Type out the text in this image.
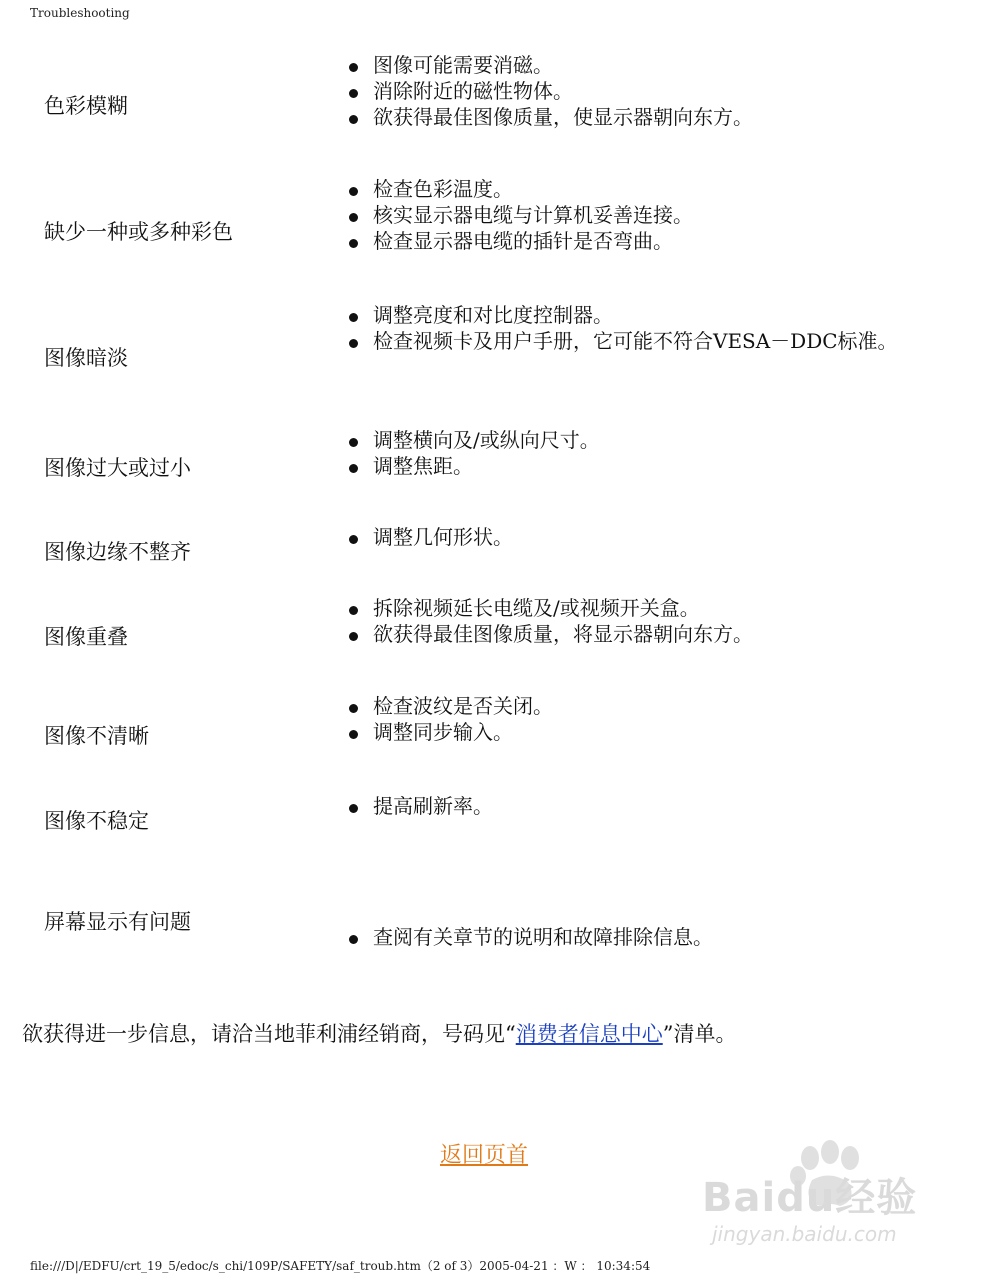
Troubleshooting
色彩模糊
图像可能需要消磁。
消除附近的磁性物体。
欲获得最佳图像质量，使显示器朝向东方。
缺少一种或多种彩色
检查色彩温度。
核实显示器电缆与计算机妥善连接。
检查显示器电缆的插针是否弯曲。
图像暗淡
调整亮度和对比度控制器。
检查视频卡及用户手册，它可能不符合VESA－DDC标准。
图像过大或过小
调整横向及/或纵向尺寸。
调整焦距。
图像边缘不整齐
调整几何形状。
图像重叠
拆除视频延长电缆及/或视频开关盒。
欲获得最佳图像质量，将显示器朝向东方。
图像不清晰
检查波纹是否关闭。
调整同步输入。
图像不稳定
提高刷新率。
屏幕显示有问题
查阅有关章节的说明和故障排除信息。
欲获得进一步信息，请洽当地菲利浦经销商，号码见“消费者信息中心”清单。
返回页首
Baidu经验
jingyan.baidu.com
file:///D|/EDFU/crt_19_5/edoc/s_chi/109P/SAFETY/saf_troub.htm（2 of 3）2005-04-21 ：W ： 10:34:54
